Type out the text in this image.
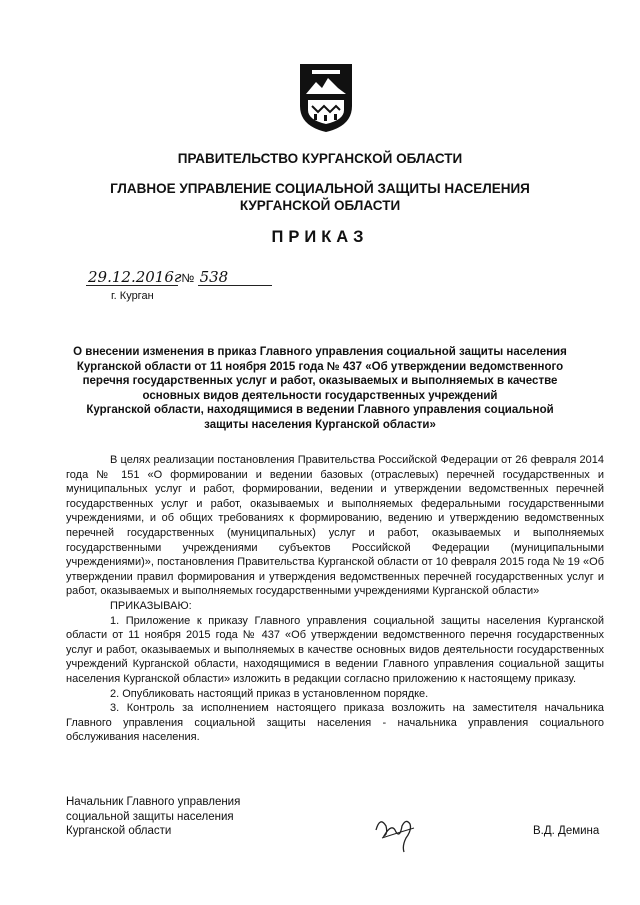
ПРАВИТЕЛЬСТВО КУРГАНСКОЙ ОБЛАСТИ
ГЛАВНОЕ УПРАВЛЕНИЕ СОЦИАЛЬНОЙ ЗАЩИТЫ НАСЕЛЕНИЯ
КУРГАНСКОЙ ОБЛАСТИ
ПРИКАЗ
29.12.2016г № 538
г. Курган

О внесении изменения в приказ Главного управления социальной защиты населения
Курганской области от 11 ноября 2015 года № 437 «Об утверждении ведомственного
перечня государственных услуг и работ, оказываемых и выполняемых в качестве
основных видов деятельности государственных учреждений
Курганской области, находящимися в ведении Главного управления социальной
защиты населения Курганской области»

В целях реализации постановления Правительства Российской Федерации от 26 февраля 2014 года № 151 «О формировании и ведении базовых (отраслевых) перечней государственных и муниципальных услуг и работ, формировании, ведении и утверждении ведомственных перечней государственных услуг и работ, оказываемых и выполняемых федеральными государственными учреждениями, и об общих требованиях к формированию, ведению и утверждению ведомственных перечней государственных (муниципальных) услуг и работ, оказываемых и выполняемых государственными учреждениями субъектов Российской Федерации (муниципальными учреждениями)», постановления Правительства Курганской области от 10 февраля 2015 года № 19 «Об утверждении правил формирования и утверждения ведомственных перечней государственных услуг и работ, оказываемых и выполняемых государственными учреждениями Курганской области»

ПРИКАЗЫВАЮ:

1. Приложение к приказу Главного управления социальной защиты населения Курганской области от 11 ноября 2015 года № 437 «Об утверждении ведомственного перечня государственных услуг и работ, оказываемых и выполняемых в качестве основных видов деятельности государственных учреждений Курганской области, находящимися в ведении Главного управления социальной защиты населения Курганской области» изложить в редакции согласно приложению к настоящему приказу.

2. Опубликовать настоящий приказ в установленном порядке.

3. Контроль за исполнением настоящего приказа возложить на заместителя начальника Главного управления социальной защиты населения - начальника управления социального обслуживания населения.

Начальник Главного управления
социальной защиты населения
Курганской области	В.Д. Демина
